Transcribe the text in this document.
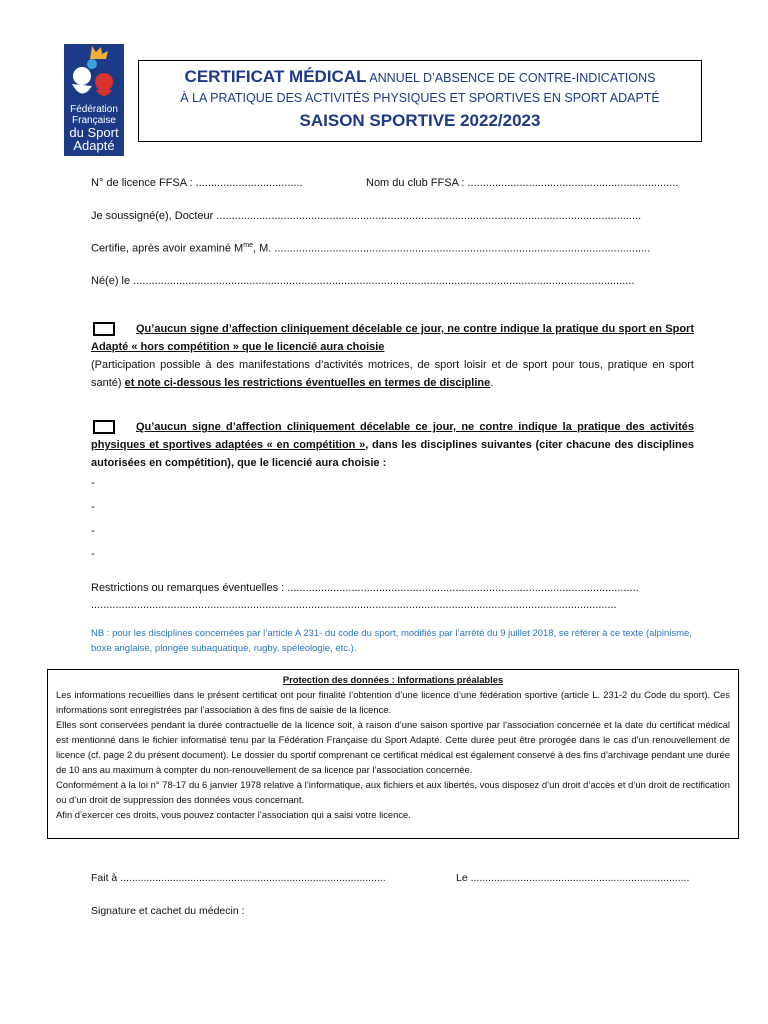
Fédération
Française
du Sport
Adapté
CERTIFICAT MÉDICAL ANNUEL D’ABSENCE DE CONTRE-INDICATIONS
À LA PRATIQUE DES ACTIVITÉS PHYSIQUES ET SPORTIVES EN SPORT ADAPTÉ
SAISON SPORTIVE 2022/2023
N° de licence FFSA : ...................................	Nom du club FFSA : .....................................................................
Je soussigné(e), Docteur ...........................................................................................................................................
Certifie, après avoir examiné $M^{me}$, M. ...........................................................................................................................
Né(e) le ....................................................................................................................................................................
Qu’aucun signe d’affection cliniquement décelable ce jour, ne contre indique la pratique du sport en Sport Adapté « hors compétition » que le licencié aura choisie
(Participation possible à des manifestations d’activités motrices, de sport loisir et de sport pour tous, pratique en sport santé) et note ci-dessous les restrictions éventuelles en termes de discipline.
Qu’aucun signe d’affection cliniquement décelable ce jour, ne contre indique la pratique des activités physiques et sportives adaptées « en compétition », dans les disciplines suivantes (citer chacune des disciplines autorisées en compétition), que le licencié aura choisie :
-
-
-
-
Restrictions ou remarques éventuelles : ...................................................................................................................
............................................................................................................................................................................
NB : pour les disciplines concernées par l’article A 231- du code du sport, modifiés par l’arrêté du 9 juillet 2018, se référer à ce texte (alpinisme, boxe anglaise, plongée subaquatique, rugby, spéléologie, etc.).
Protection des données : Informations préalables

Les informations recueillies dans le présent certificat ont pour finalité l’obtention d’une licence d’une fédération sportive (article L. 231-2 du Code du sport). Ces informations sont enregistrées par l’association à des fins de saisie de la licence.

Elles sont conservées pendant la durée contractuelle de la licence soit, à raison d’une saison sportive par l’association concernée et la date du certificat médical est mentionné dans le fichier informatisé tenu par la Fédération Française du Sport Adapté. Cette durée peut être prorogée dans le cas d’un renouvellement de licence (cf. page 2 du présent document). Le dossier du sportif comprenant ce certificat médical est également conservé à des fins d’archivage pendant une durée de 10 ans au maximum à compter du non-renouvellement de sa licence par l’association concernée.

Conformément à la loi n° 78-17 du 6 janvier 1978 relative à l’informatique, aux fichiers et aux libertés, vous disposez d’un droit d’accès et d’un droit de rectification ou d’un droit de suppression des données vous concernant.

Afin d’exercer ces droits, vous pouvez contacter l’association qui a saisi votre licence.

Fait à ...........................................................................................	Le ...........................................................................
Signature et cachet du médecin :
